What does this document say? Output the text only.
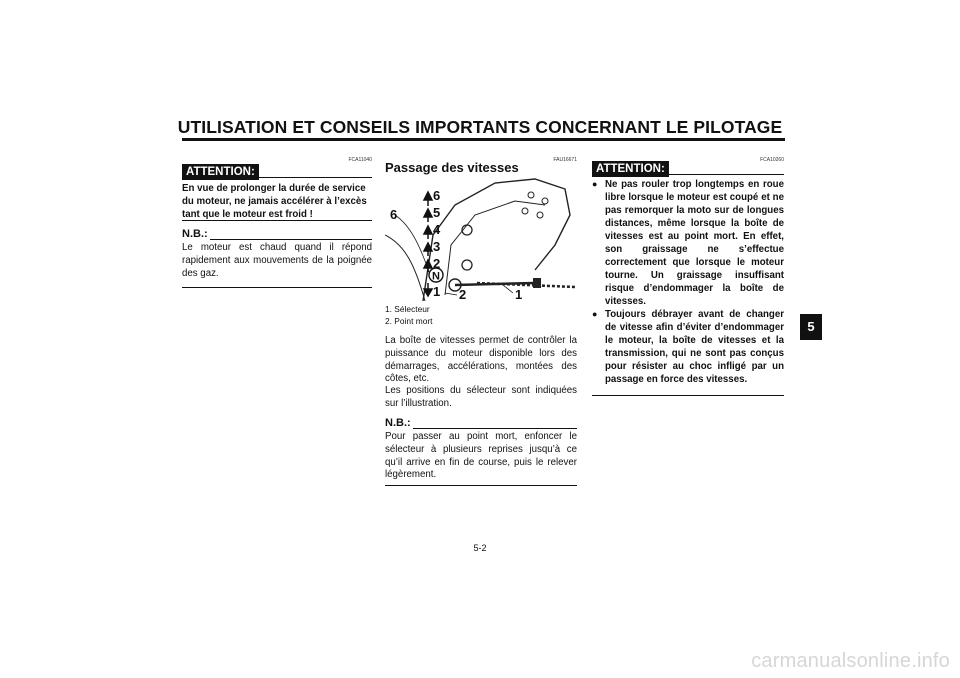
UTILISATION ET CONSEILS IMPORTANTS CONCERNANT LE PILOTAGE
5
FCA11040
ATTENTION:
En vue de prolonger la durée de service du moteur, ne jamais accélérer à l’excès tant que le moteur est froid !
N.B.:
Le moteur est chaud quand il répond rapidement aux mouvements de la poignée des gaz.
FAU16671
Passage des vitesses
6
5
4
3
2
N
1
6
2	1
1. Sélecteur
2. Point mort
La boîte de vitesses permet de contrôler la puissance du moteur disponible lors des démarrages, accélérations, montées des côtes, etc.
Les positions du sélecteur sont indiquées sur l’illustration.
N.B.:
Pour passer au point mort, enfoncer le sélecteur à plusieurs reprises jusqu’à ce qu’il arrive en fin de course, puis le relever légèrement.
FCA10260
ATTENTION:
● Ne pas rouler trop longtemps en roue libre lorsque le moteur est coupé et ne pas remorquer la moto sur de longues distances, même lorsque la boîte de vitesses est au point mort. En effet, son graissage ne s’effectue correctement que lorsque le moteur tourne. Un graissage insuffisant risque d’endommager la boîte de vitesses.
● Toujours débrayer avant de changer de vitesse afin d’éviter d’endommager le moteur, la boîte de vitesses et la transmission, qui ne sont pas conçus pour résister au choc infligé par un passage en force des vitesses.
5-2
carmanualsonline.info
